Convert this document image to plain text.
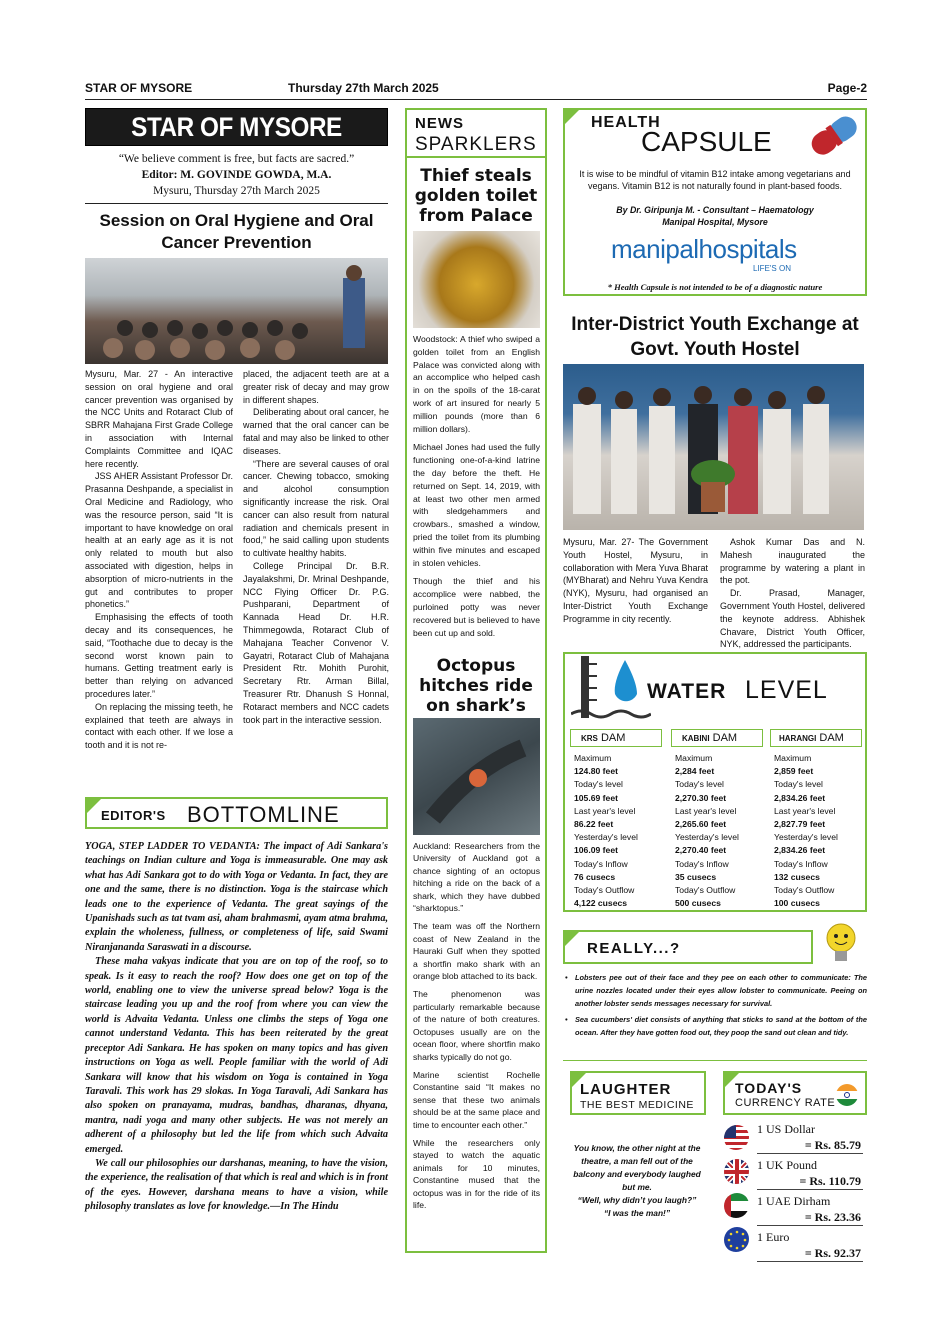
STAR OF MYSORE	Thursday 27th March 2025	Page-2
STAR OF MYSORE
“We believe comment is free, but facts are sacred.”
Editor: M. GOVINDE GOWDA, M.A.
Mysuru, Thursday 27th March 2025
Session on Oral Hygiene and Oral Cancer Prevention

Mysuru, Mar. 27 - An interactive session on oral hygiene and oral cancer prevention was organised by the NCC Units and Rotaract Club of SBRR Mahajana First Grade College in association with Internal Complaints Committee and IQAC here recently.

JSS AHER Assistant Professor Dr. Prasanna Deshpande, a specialist in Oral Medicine and Radiology, who was the resource person, said “It is important to have knowledge on oral health at an early age as it is not only related to mouth but also associated with digestion, helps in absorption of micro-nutrients in the gut and contributes to proper phonetics.”

Emphasising the effects of tooth decay and its consequences, he said, “Toothache due to decay is the second worst known pain to humans. Getting treatment early is better than relying on advanced procedures later.”

On replacing the missing teeth, he explained that teeth are always in contact with each other. If we lose a tooth and it is not re-

placed, the adjacent teeth are at a greater risk of decay and may grow in different shapes.

Deliberating about oral cancer, he warned that the oral cancer can be fatal and may also be linked to other diseases.

“There are several causes of oral cancer. Chewing tobacco, smoking and alcohol consumption significantly increase the risk. Oral cancer can also result from natural radiation and chemicals present in food,” he said calling upon students to cultivate healthy habits.

College Principal Dr. B.R. Jayalakshmi, Dr. Mrinal Deshpande, NCC Flying Officer Dr. P.G. Pushparani, Department of Kannada Head Dr. H.R. Thimmegowda, Rotaract Club of Mahajana Teacher Convenor V. Gayatri, Rotaract Club of Mahajana President Rtr. Mohith Purohit, Secretary Rtr. Arman Billal, Treasurer Rtr. Dhanush S Honnal, Rotaract members and NCC cadets took part in the interactive session.

EDITOR'S BOTTOMLINE

YOGA, STEP LADDER TO VEDANTA: The impact of Adi Sankara's teachings on Indian culture and Yoga is immeasurable. One may ask what has Adi Sankara got to do with Yoga or Vedanta. In fact, they are one and the same, there is no distinction. Yoga is the staircase which leads one to the experience of Vedanta. The great sayings of the Upanishads such as tat tvam asi, aham brahmasmi, ayam atma brahma, explain the wholeness, fullness, or completeness of life, said Swami Niranjananda Saraswati in a discourse.

These maha vakyas indicate that you are on top of the roof, so to speak. Is it easy to reach the roof? How does one get on top of the world, enabling one to view the universe spread below? Yoga is the staircase leading you up and the roof from where you can view the world is Advaita Vedanta. Unless one climbs the steps of Yoga one cannot understand Vedanta. This has been reiterated by the great preceptor Adi Sankara. He has spoken on many topics and has given instructions on Yoga as well. People familiar with the world of Adi Sankara will know that his wisdom on Yoga is contained in Yoga Taravali. This work has 29 slokas. In Yoga Taravali, Adi Sankara has also spoken on pranayama, mudras, bandhas, dharanas, dhyana, mantra, nadi yoga and many other subjects. He was not merely an adherent of a philosophy but led the life from which such Advaita emerged.

We call our philosophies our darshanas, meaning, to have the vision, the experience, the realisation of that which is real and which is in front of the eyes. However, darshana means to have a vision, while philosophy translates as love for knowledge.—In The Hindu

NEWS
SPARKLERS
Thief steals golden toilet from Palace

Woodstock: A thief who swiped a golden toilet from an English Palace was convicted along with an accomplice who helped cash in on the spoils of the 18-carat work of art insured for nearly 5 million pounds (more than 6 million dollars).

Michael Jones had used the fully functioning one-of-a-kind latrine the day before the theft. He returned on Sept. 14, 2019, with at least two other men armed with sledgehammers and crowbars., smashed a window, pried the toilet from its plumbing within five minutes and escaped in stolen vehicles.

Though the thief and his accomplice were nabbed, the purloined potty was never recovered but is believed to have been cut up and sold.

Octopus hitches ride on shark’s

Auckland: Researchers from the University of Auckland got a chance sighting of an octopus hitching a ride on the back of a shark, which they have dubbed “sharktopus.”

The team was off the Northern coast of New Zealand in the Hauraki Gulf when they spotted a shortfin mako shark with an orange blob attached to its back.

The phenomenon was particularly remarkable because of the nature of both creatures. Octopuses usually are on the ocean floor, where shortfin mako sharks typically do not go.

Marine scientist Rochelle Constantine said “It makes no sense that these two animals should be at the same place and time to encounter each other.”

While the researchers only stayed to watch the aquatic animals for 10 minutes, Constantine mused that the octopus was in for the ride of its life.

HEALTH
CAPSULE
It is wise to be mindful of vitamin B12 intake among vegetarians and vegans. Vitamin B12 is not naturally found in plant-based foods.
By Dr. Giripunja M. - Consultant – Haematology
Manipal Hospital, Mysore
manipalhospitals
LIFE'S ON
* Health Capsule is not intended to be of a diagnostic nature
Inter-District Youth Exchange at Govt. Youth Hostel

Mysuru, Mar. 27- The Government Youth Hostel, Mysuru, in collaboration with Mera Yuva Bharat (MYBharat) and Nehru Yuva Kendra (NYK), Mysuru, had organised an Inter-District Youth Exchange Programme in city recently.

Ashok Kumar Das and N. Mahesh inaugurated the programme by watering a plant in the pot.

Dr. Prasad, Manager, Government Youth Hostel, delivered the keynote address. Abhishek Chavare, District Youth Officer, NYK, addressed the participants.

WATER LEVEL
KRS DAM
Maximum
124.80 feet
Today's level
105.69 feet
Last year's level
86.22 feet
Yesterday's level
106.09 feet
Today's Inflow
76 cusecs
Today's Outflow
4,122 cusecs
KABINI DAM
Maximum
2,284 feet
Today's level
2,270.30 feet
Last year's level
2,265.60 feet
Yesterday's level
2,270.40 feet
Today's Inflow
35 cusecs
Today's Outflow
500 cusecs
HARANGI DAM
Maximum
2,859 feet
Today's level
2,834.26 feet
Last year's level
2,827.79 feet
Yesterday's level
2,834.26 feet
Today's Inflow
132 cusecs
Today's Outflow
100 cusecs
REALLY...?
•	Lobsters pee out of their face and they pee on each other to communicate: The urine nozzles located under their eyes allow lobster to communicate. Peeing on another lobster sends messages necessary for survival.
•	Sea cucumbers' diet consists of anything that sticks to sand at the bottom of the ocean. After they have gotten food out, they poop the sand out clean and tidy.
LAUGHTER
THE BEST MEDICINE
You know, the other night at the theatre, a man fell out of the balcony and everybody laughed but me.
“Well, why didn’t you laugh?”
“I was the man!”
TODAY'S
CURRENCY RATE
1 US Dollar
= Rs. 85.79
1 UK Pound
= Rs. 110.79
1 UAE Dirham
= Rs. 23.36
1 Euro
= Rs. 92.37
